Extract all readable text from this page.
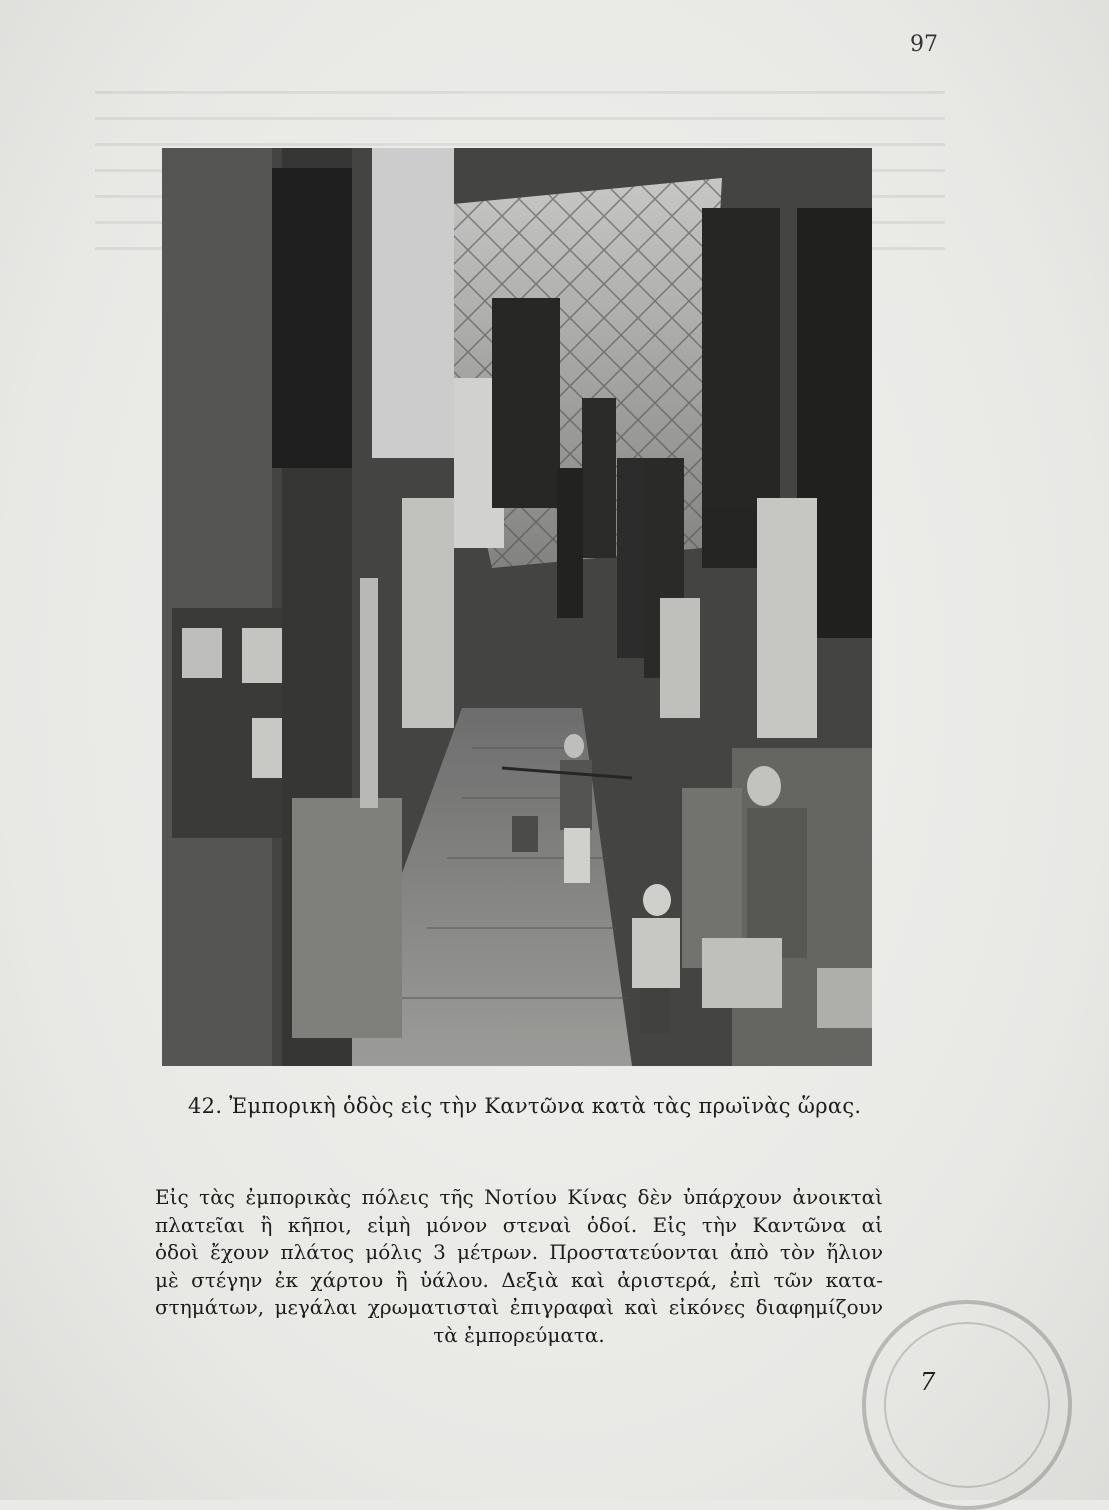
97
42. Ἐμπορικὴ ὁδὸς εἰς τὴν Καντῶνα κατὰ τὰς πρωϊνὰς ὥρας.
Εἰς τὰς ἐμπορικὰς πόλεις τῆς Νοτίου Κίνας δὲν ὑπάρχουν ἀνοικταὶ
πλατεῖαι ἢ κῆποι, εἰμὴ μόνον στεναὶ ὁδοί. Εἰς τὴν Καντῶνα αἱ
ὁδοὶ ἔχουν πλάτος μόλις 3 μέτρων. Προστατεύονται ἀπὸ τὸν ἥλιον
μὲ στέγην ἐκ χάρτου ἢ ὑάλου. Δεξιὰ καὶ ἀριστερά, ἐπὶ τῶν κατα-
στημάτων, μεγάλαι χρωματισταὶ ἐπιγραφαὶ καὶ εἰκόνες διαφημίζουν
τὰ ἐμπορεύματα.
7
